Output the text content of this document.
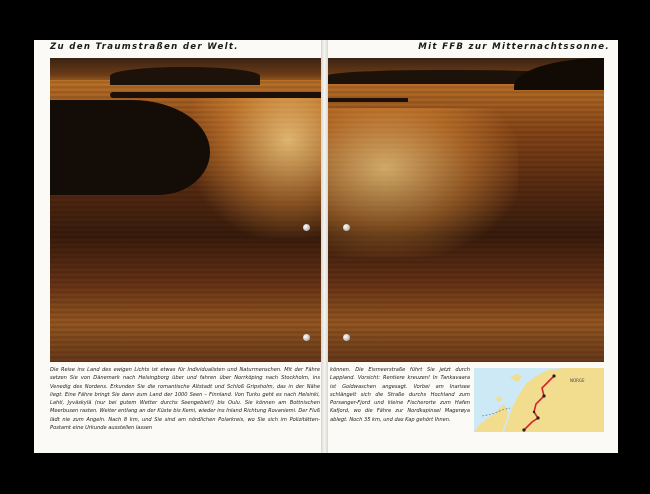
Zu den Traumstraßen der Welt.

Die Reise ins Land des ewigen Lichts ist etwas für Individualisten und Naturmenschen. Mit der Fähre setzen Sie von Dänemark nach Helsingborg über und fahren über Norrköping nach Stockholm, ins Venedig des Nordens. Erkunden Sie die romantische Altstadt und Schloß Gripsholm, das in der Nähe liegt. Eine Fähre bringt Sie dann zum Land der 1000 Seen – Finnland. Von Turku geht es nach Helsinki, Lahti, Jyväskylä (nur bei gutem Wetter durchs Seengebiet!) bis Oulu. Sie können am Bottnischen Meerbusen rasten. Weiter entlang an der Küste bis Kemi, wieder ins Inland Richtung Rovaniemi. Der Fluß lädt nie zum Angeln. Nach 8 km, und Sie sind am nördlichen Polarkreis, wo Sie sich im Polizitätten-Postamt eine Urkunde ausstellen lassen

Mit FFB zur Mitternachtssonne.

können. Die Eismeerstraße führt Sie jetzt durch Lappland. Vorsicht: Rentiere kreuzen! In Tankavaara ist Goldwaschen angesagt. Vorbei am Inarisee schlängelt sich die Straße durchs Hochland zum Porsanger-Fjord und kleine Fischerorte zum Hafen Kafjord, wo die Fähre zur Nordkapinsel Magerøya ablegt. Noch 35 km, und das Kap gehört Ihnen.

NORGE
